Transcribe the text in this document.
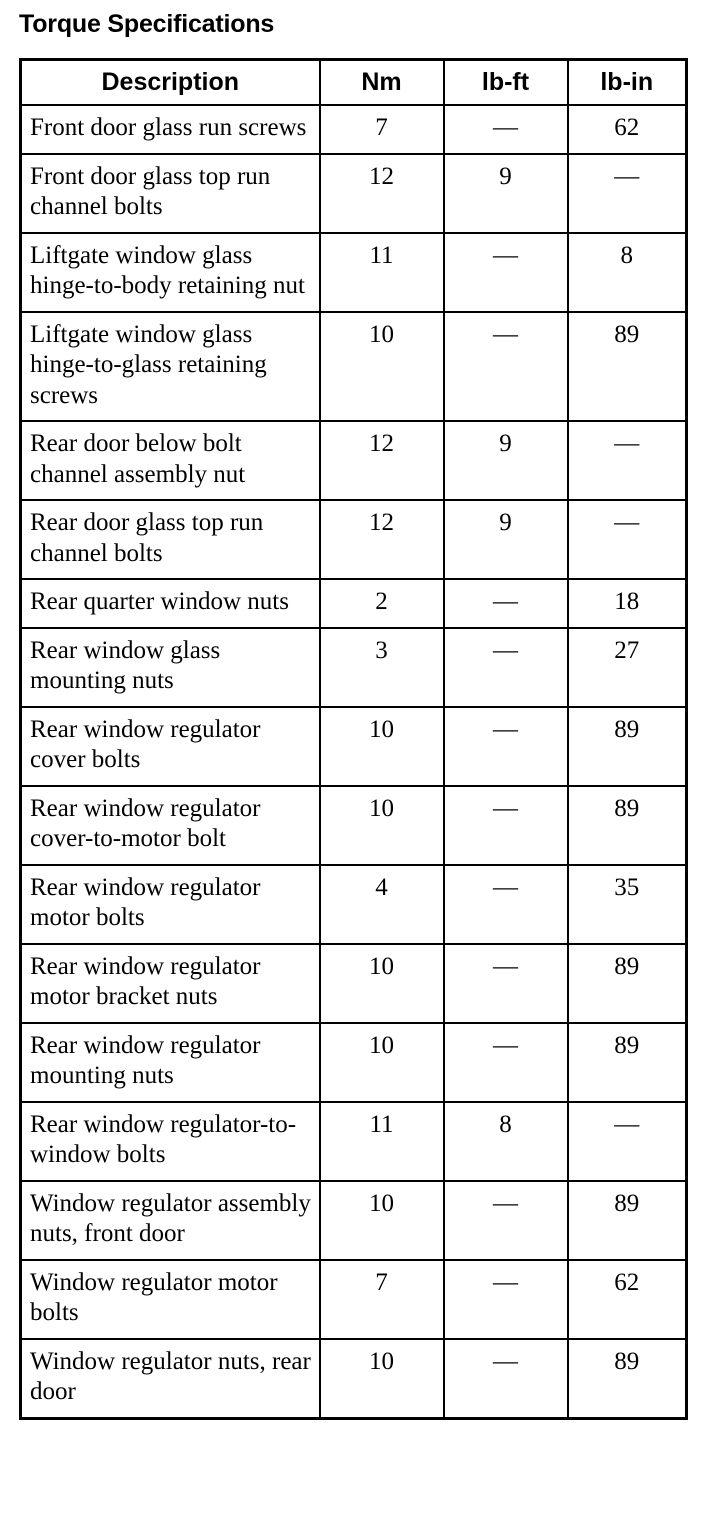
Torque Specifications
Description	Nm	lb-ft	lb-in
Front door glass run screws	7	—	62
Front door glass top run channel bolts	12	9	—
Liftgate window glass hinge-to-body retaining nut	11	—	8
Liftgate window glass hinge-to-glass retaining screws	10	—	89
Rear door below bolt channel assembly nut	12	9	—
Rear door glass top run channel bolts	12	9	—
Rear quarter window nuts	2	—	18
Rear window glass mounting nuts	3	—	27
Rear window regulator cover bolts	10	—	89
Rear window regulator cover-to-motor bolt	10	—	89
Rear window regulator motor bolts	4	—	35
Rear window regulator motor bracket nuts	10	—	89
Rear window regulator mounting nuts	10	—	89
Rear window regulator-to-window bolts	11	8	—
Window regulator assembly nuts, front door	10	—	89
Window regulator motor bolts	7	—	62
Window regulator nuts, rear door	10	—	89
